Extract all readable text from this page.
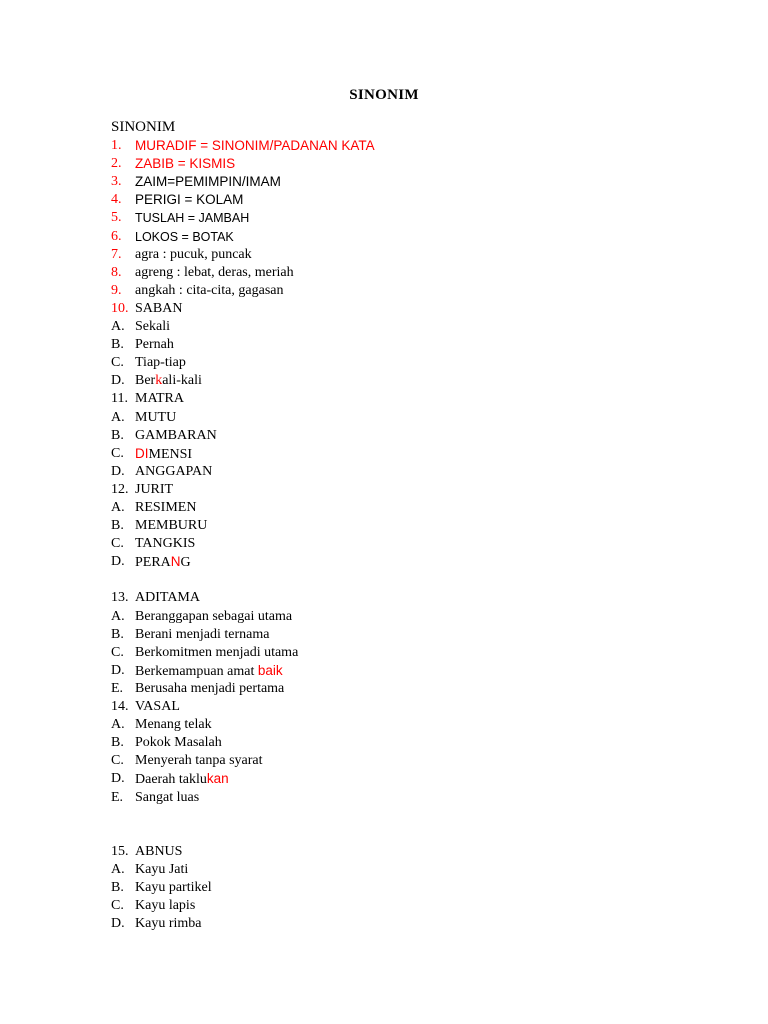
SINONIM
SINONIM
1. MURADIF = SINONIM/PADANAN KATA
2. ZABIB = KISMIS
3. ZAIM=PEMIMPIN/IMAM
4. PERIGI = KOLAM
5. TUSLAH = JAMBAH
6. LOKOS = BOTAK
7. agra : pucuk, puncak
8. agreng : lebat, deras, meriah
9. angkah : cita-cita, gagasan
10. SABAN
A. Sekali
B. Pernah
C. Tiap-tiap
D. Berkali-kali
11. MATRA
A. MUTU
B. GAMBARAN
C. DIMENSI
D. ANGGAPAN
12. JURIT
A. RESIMEN
B. MEMBURU
C. TANGKIS
D. PERANG
13. ADITAMA
A. Beranggapan sebagai utama
B. Berani menjadi ternama
C. Berkomitmen menjadi utama
D. Berkemampuan amat baik
E. Berusaha menjadi pertama
14. VASAL
A. Menang telak
B. Pokok Masalah
C. Menyerah tanpa syarat
D. Daerah taklukan
E. Sangat luas
15. ABNUS
A. Kayu Jati
B. Kayu partikel
C. Kayu lapis
D. Kayu rimba
